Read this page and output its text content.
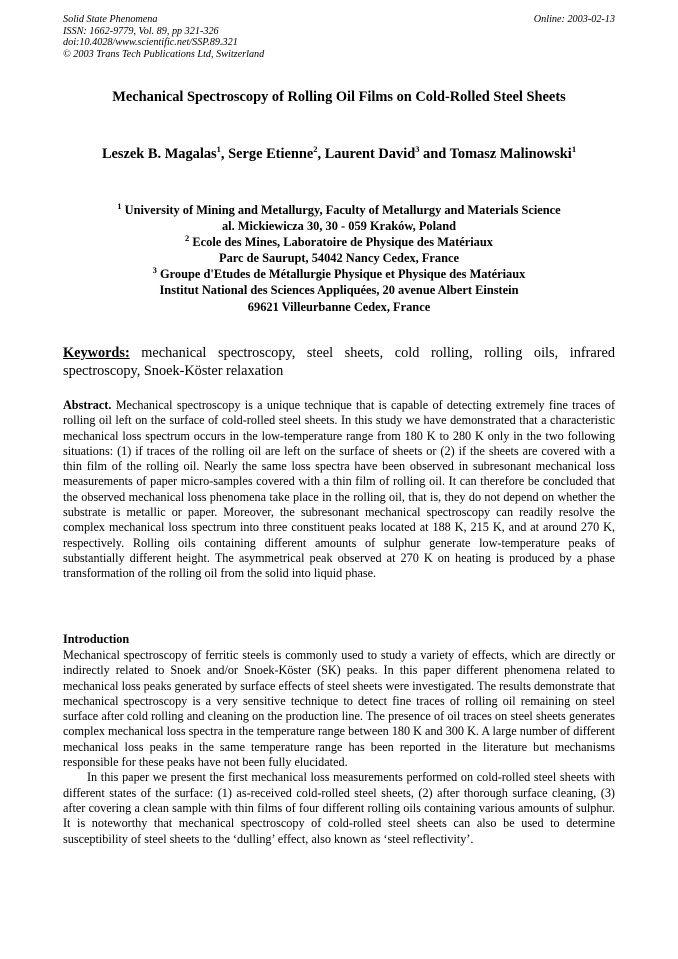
Solid State Phenomena
ISSN: 1662-9779, Vol. 89, pp 321-326
doi:10.4028/www.scientific.net/SSP.89.321
© 2003 Trans Tech Publications Ltd, Switzerland
Online: 2003-02-13
Mechanical Spectroscopy of Rolling Oil Films on Cold-Rolled Steel Sheets
Leszek B. Magalas$^1$, Serge Etienne$^2$, Laurent David$^3$ and Tomasz Malinowski$^1$
$^1$ University of Mining and Metallurgy, Faculty of Metallurgy and Materials Science
al. Mickiewicza 30, 30 - 059 Kraków, Poland
$^2$ Ecole des Mines, Laboratoire de Physique des Matériaux
Parc de Saurupt, 54042 Nancy Cedex, France
$^3$ Groupe d'Etudes de Métallurgie Physique et Physique des Matériaux
Institut National des Sciences Appliquées, 20 avenue Albert Einstein
69621 Villeurbanne Cedex, France
Keywords: mechanical spectroscopy, steel sheets, cold rolling, rolling oils, infrared spectroscopy, Snoek-Köster relaxation
Abstract. Mechanical spectroscopy is a unique technique that is capable of detecting extremely fine traces of rolling oil left on the surface of cold-rolled steel sheets. In this study we have demonstrated that a characteristic mechanical loss spectrum occurs in the low-temperature range from 180 K to 280 K only in the two following situations: (1) if traces of the rolling oil are left on the surface of sheets or (2) if the sheets are covered with a thin film of the rolling oil. Nearly the same loss spectra have been observed in subresonant mechanical loss measurements of paper micro-samples covered with a thin film of rolling oil. It can therefore be concluded that the observed mechanical loss phenomena take place in the rolling oil, that is, they do not depend on whether the substrate is metallic or paper. Moreover, the subresonant mechanical spectroscopy can readily resolve the complex mechanical loss spectrum into three constituent peaks located at 188 K, 215 K, and at around 270 K, respectively. Rolling oils containing different amounts of sulphur generate low-temperature peaks of substantially different height. The asymmetrical peak observed at 270 K on heating is produced by a phase transformation of the rolling oil from the solid into liquid phase.
Introduction

Mechanical spectroscopy of ferritic steels is commonly used to study a variety of effects, which are directly or indirectly related to Snoek and/or Snoek-Köster (SK) peaks. In this paper different phenomena related to mechanical loss peaks generated by surface effects of steel sheets were investigated. The results demonstrate that mechanical spectroscopy is a very sensitive technique to detect fine traces of rolling oil remaining on steel surface after cold rolling and cleaning on the production line. The presence of oil traces on steel sheets generates complex mechanical loss spectra in the temperature range between 180 K and 300 K. A large number of different mechanical loss peaks in the same temperature range has been reported in the literature but mechanisms responsible for these peaks have not been fully elucidated.

In this paper we present the first mechanical loss measurements performed on cold-rolled steel sheets with different states of the surface: (1) as-received cold-rolled steel sheets, (2) after thorough surface cleaning, (3) after covering a clean sample with thin films of four different rolling oils containing various amounts of sulphur. It is noteworthy that mechanical spectroscopy of cold-rolled steel sheets can also be used to determine susceptibility of steel sheets to the ‘dulling’ effect, also known as ‘steel reflectivity’.
